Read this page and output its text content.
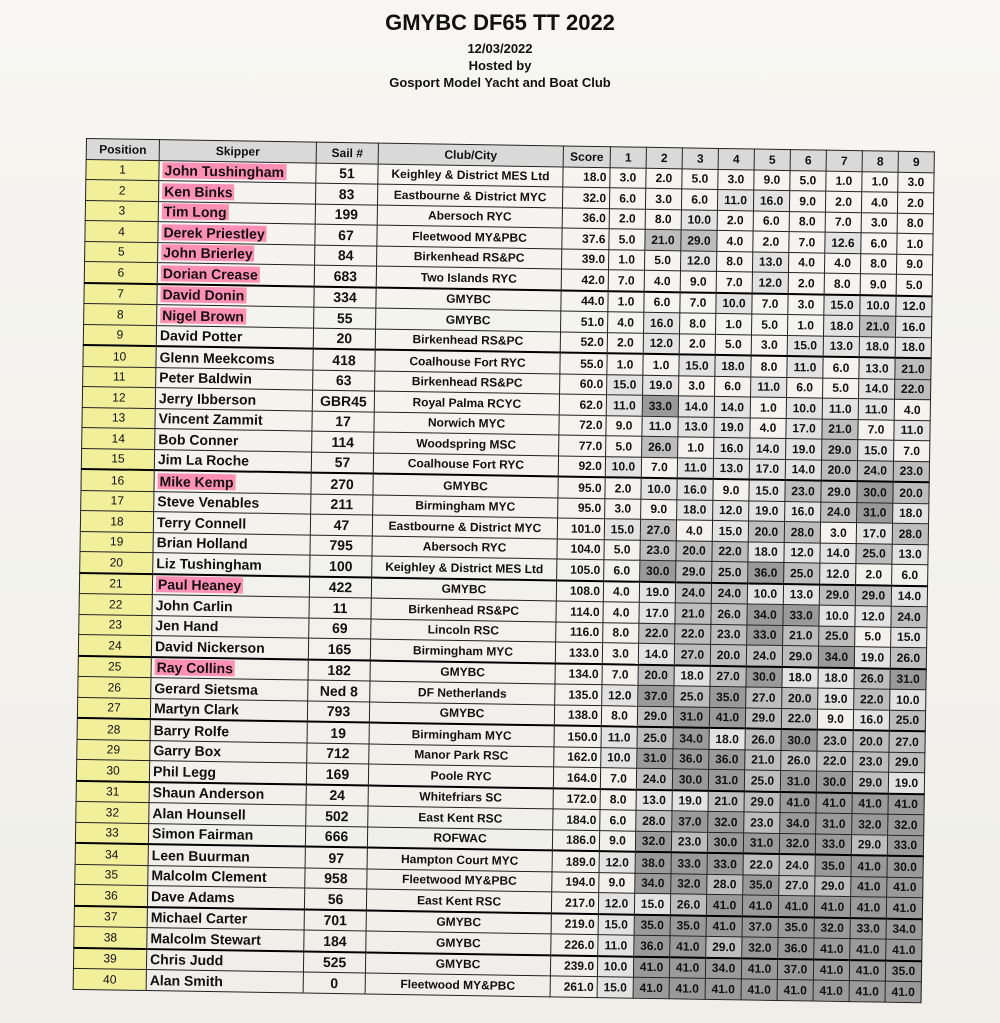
GMYBC DF65 TT 2022
12/03/2022
Hosted by
Gosport Model Yacht and Boat Club
Position	Skipper	Sail #	Club/City	Score	1	2	3	4	5	6	7	8	9
1	John Tushingham	51	Keighley & District MES Ltd	18.0	3.0	2.0	5.0	3.0	9.0	5.0	1.0	1.0	3.0
2	Ken Binks	83	Eastbourne & District MYC	32.0	6.0	3.0	6.0	11.0	16.0	9.0	2.0	4.0	2.0
3	Tim Long	199	Abersoch RYC	36.0	2.0	8.0	10.0	2.0	6.0	8.0	7.0	3.0	8.0
4	Derek Priestley	67	Fleetwood MY&PBC	37.6	5.0	21.0	29.0	4.0	2.0	7.0	12.6	6.0	1.0
5	John Brierley	84	Birkenhead RS&PC	39.0	1.0	5.0	12.0	8.0	13.0	4.0	4.0	8.0	9.0
6	Dorian Crease	683	Two Islands RYC	42.0	7.0	4.0	9.0	7.0	12.0	2.0	8.0	9.0	5.0
7	David Donin	334	GMYBC	44.0	1.0	6.0	7.0	10.0	7.0	3.0	15.0	10.0	12.0
8	Nigel Brown	55	GMYBC	51.0	4.0	16.0	8.0	1.0	5.0	1.0	18.0	21.0	16.0
9	David Potter	20	Birkenhead RS&PC	52.0	2.0	12.0	2.0	5.0	3.0	15.0	13.0	18.0	18.0
10	Glenn Meekcoms	418	Coalhouse Fort RYC	55.0	1.0	1.0	15.0	18.0	8.0	11.0	6.0	13.0	21.0
11	Peter Baldwin	63	Birkenhead RS&PC	60.0	15.0	19.0	3.0	6.0	11.0	6.0	5.0	14.0	22.0
12	Jerry Ibberson	GBR45	Royal Palma RCYC	62.0	11.0	33.0	14.0	14.0	1.0	10.0	11.0	11.0	4.0
13	Vincent Zammit	17	Norwich MYC	72.0	9.0	11.0	13.0	19.0	4.0	17.0	21.0	7.0	11.0
14	Bob Conner	114	Woodspring MSC	77.0	5.0	26.0	1.0	16.0	14.0	19.0	29.0	15.0	7.0
15	Jim La Roche	57	Coalhouse Fort RYC	92.0	10.0	7.0	11.0	13.0	17.0	14.0	20.0	24.0	23.0
16	Mike Kemp	270	GMYBC	95.0	2.0	10.0	16.0	9.0	15.0	23.0	29.0	30.0	20.0
17	Steve Venables	211	Birmingham MYC	95.0	3.0	9.0	18.0	12.0	19.0	16.0	24.0	31.0	18.0
18	Terry Connell	47	Eastbourne & District MYC	101.0	15.0	27.0	4.0	15.0	20.0	28.0	3.0	17.0	28.0
19	Brian Holland	795	Abersoch RYC	104.0	5.0	23.0	20.0	22.0	18.0	12.0	14.0	25.0	13.0
20	Liz Tushingham	100	Keighley & District MES Ltd	105.0	6.0	30.0	29.0	25.0	36.0	25.0	12.0	2.0	6.0
21	Paul Heaney	422	GMYBC	108.0	4.0	19.0	24.0	24.0	10.0	13.0	29.0	29.0	14.0
22	John Carlin	11	Birkenhead RS&PC	114.0	4.0	17.0	21.0	26.0	34.0	33.0	10.0	12.0	24.0
23	Jen Hand	69	Lincoln RSC	116.0	8.0	22.0	22.0	23.0	33.0	21.0	25.0	5.0	15.0
24	David Nickerson	165	Birmingham MYC	133.0	3.0	14.0	27.0	20.0	24.0	29.0	34.0	19.0	26.0
25	Ray Collins	182	GMYBC	134.0	7.0	20.0	18.0	27.0	30.0	18.0	18.0	26.0	31.0
26	Gerard Sietsma	Ned 8	DF Netherlands	135.0	12.0	37.0	25.0	35.0	27.0	20.0	19.0	22.0	10.0
27	Martyn Clark	793	GMYBC	138.0	8.0	29.0	31.0	41.0	29.0	22.0	9.0	16.0	25.0
28	Barry Rolfe	19	Birmingham MYC	150.0	11.0	25.0	34.0	18.0	26.0	30.0	23.0	20.0	27.0
29	Garry Box	712	Manor Park RSC	162.0	10.0	31.0	36.0	36.0	21.0	26.0	22.0	23.0	29.0
30	Phil Legg	169	Poole RYC	164.0	7.0	24.0	30.0	31.0	25.0	31.0	30.0	29.0	19.0
31	Shaun Anderson	24	Whitefriars SC	172.0	8.0	13.0	19.0	21.0	29.0	41.0	41.0	41.0	41.0
32	Alan Hounsell	502	East Kent RSC	184.0	6.0	28.0	37.0	32.0	23.0	34.0	31.0	32.0	32.0
33	Simon Fairman	666	ROFWAC	186.0	9.0	32.0	23.0	30.0	31.0	32.0	33.0	29.0	33.0
34	Leen Buurman	97	Hampton Court MYC	189.0	12.0	38.0	33.0	33.0	22.0	24.0	35.0	41.0	30.0
35	Malcolm Clement	958	Fleetwood MY&PBC	194.0	9.0	34.0	32.0	28.0	35.0	27.0	29.0	41.0	41.0
36	Dave Adams	56	East Kent RSC	217.0	12.0	15.0	26.0	41.0	41.0	41.0	41.0	41.0	41.0
37	Michael Carter	701	GMYBC	219.0	15.0	35.0	35.0	41.0	37.0	35.0	32.0	33.0	34.0
38	Malcolm Stewart	184	GMYBC	226.0	11.0	36.0	41.0	29.0	32.0	36.0	41.0	41.0	41.0
39	Chris Judd	525	GMYBC	239.0	10.0	41.0	41.0	34.0	41.0	37.0	41.0	41.0	35.0
40	Alan Smith	0	Fleetwood MY&PBC	261.0	15.0	41.0	41.0	41.0	41.0	41.0	41.0	41.0	41.0
